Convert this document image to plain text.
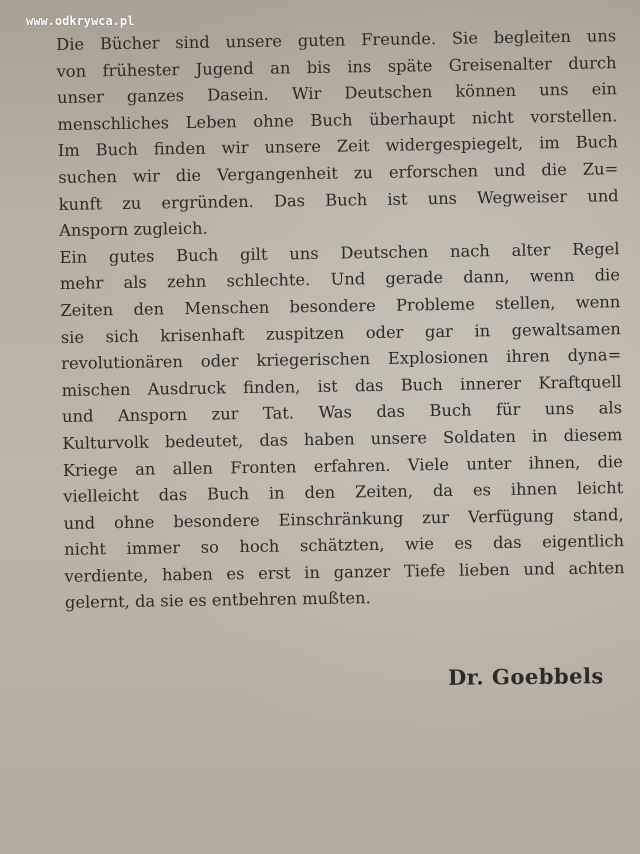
www.odkrywca.pl

Die Bücher sind unsere guten Freunde. Sie begleiten uns
von frühester Jugend an bis ins späte Greisenalter durch
unser ganzes Dasein. Wir Deutschen können uns ein
menschliches Leben ohne Buch überhaupt nicht vorstellen.
Im Buch finden wir unsere Zeit widergespiegelt, im Buch
suchen wir die Vergangenheit zu erforschen und die Zu=
kunft zu ergründen. Das Buch ist uns Wegweiser und
Ansporn zugleich.

Ein gutes Buch gilt uns Deutschen nach alter Regel
mehr als zehn schlechte. Und gerade dann, wenn die
Zeiten den Menschen besondere Probleme stellen, wenn
sie sich krisenhaft zuspitzen oder gar in gewaltsamen
revolutionären oder kriegerischen Explosionen ihren dyna=
mischen Ausdruck finden, ist das Buch innerer Kraftquell
und Ansporn zur Tat. Was das Buch für uns als
Kulturvolk bedeutet, das haben unsere Soldaten in diesem
Kriege an allen Fronten erfahren. Viele unter ihnen, die
vielleicht das Buch in den Zeiten, da es ihnen leicht
und ohne besondere Einschränkung zur Verfügung stand,
nicht immer so hoch schätzten, wie es das eigentlich
verdiente, haben es erst in ganzer Tiefe lieben und achten
gelernt, da sie es entbehren mußten.

Dr. Goebbels
